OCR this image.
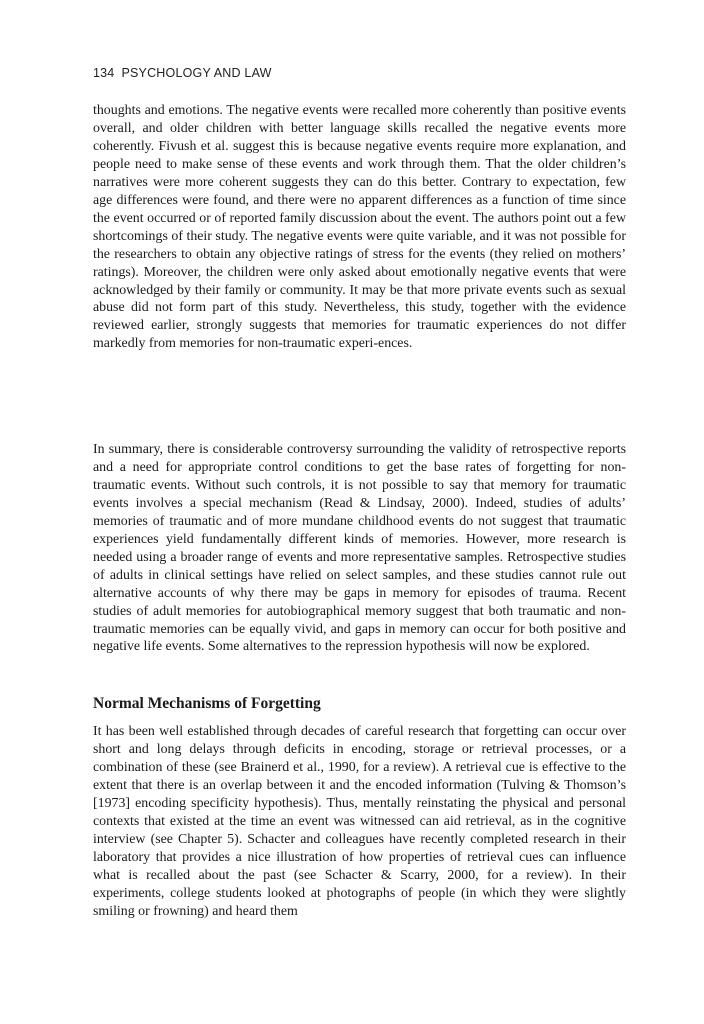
134 PSYCHOLOGY AND LAW

thoughts and emotions. The negative events were recalled more coherently than positive events overall, and older children with better language skills recalled the negative events more coherently. Fivush et al. suggest this is because negative events require more explanation, and people need to make sense of these events and work through them. That the older children’s narratives were more coherent suggests they can do this better. Contrary to expectation, few age differences were found, and there were no apparent differences as a function of time since the event occurred or of reported family discussion about the event. The authors point out a few shortcomings of their study. The negative events were quite variable, and it was not possible for the researchers to obtain any objective ratings of stress for the events (they relied on mothers’ ratings). Moreover, the children were only asked about emotionally negative events that were acknowledged by their family or community. It may be that more private events such as sexual abuse did not form part of this study. Nevertheless, this study, together with the evidence reviewed earlier, strongly suggests that memories for traumatic experiences do not differ markedly from memories for non-traumatic experi-ences.

In summary, there is considerable controversy surrounding the validity of retrospective reports and a need for appropriate control conditions to get the base rates of forgetting for non-traumatic events. Without such controls, it is not possible to say that memory for traumatic events involves a special mechanism (Read & Lindsay, 2000). Indeed, studies of adults’ memories of traumatic and of more mundane childhood events do not suggest that traumatic experiences yield fundamentally different kinds of memories. However, more research is needed using a broader range of events and more representative samples. Retrospective studies of adults in clinical settings have relied on select samples, and these studies cannot rule out alternative accounts of why there may be gaps in memory for episodes of trauma. Recent studies of adult memories for autobiographical memory suggest that both traumatic and non-traumatic memories can be equally vivid, and gaps in memory can occur for both positive and negative life events. Some alternatives to the repression hypothesis will now be explored.

Normal Mechanisms of Forgetting

It has been well established through decades of careful research that forgetting can occur over short and long delays through deficits in encoding, storage or retrieval processes, or a combination of these (see Brainerd et al., 1990, for a review). A retrieval cue is effective to the extent that there is an overlap between it and the encoded information (Tulving & Thomson’s [1973] encoding specificity hypothesis). Thus, mentally reinstating the physical and personal contexts that existed at the time an event was witnessed can aid retrieval, as in the cognitive interview (see Chapter 5). Schacter and colleagues have recently completed research in their laboratory that provides a nice illustration of how properties of retrieval cues can influence what is recalled about the past (see Schacter & Scarry, 2000, for a review). In their experiments, college students looked at photographs of people (in which they were slightly smiling or frowning) and heard them
